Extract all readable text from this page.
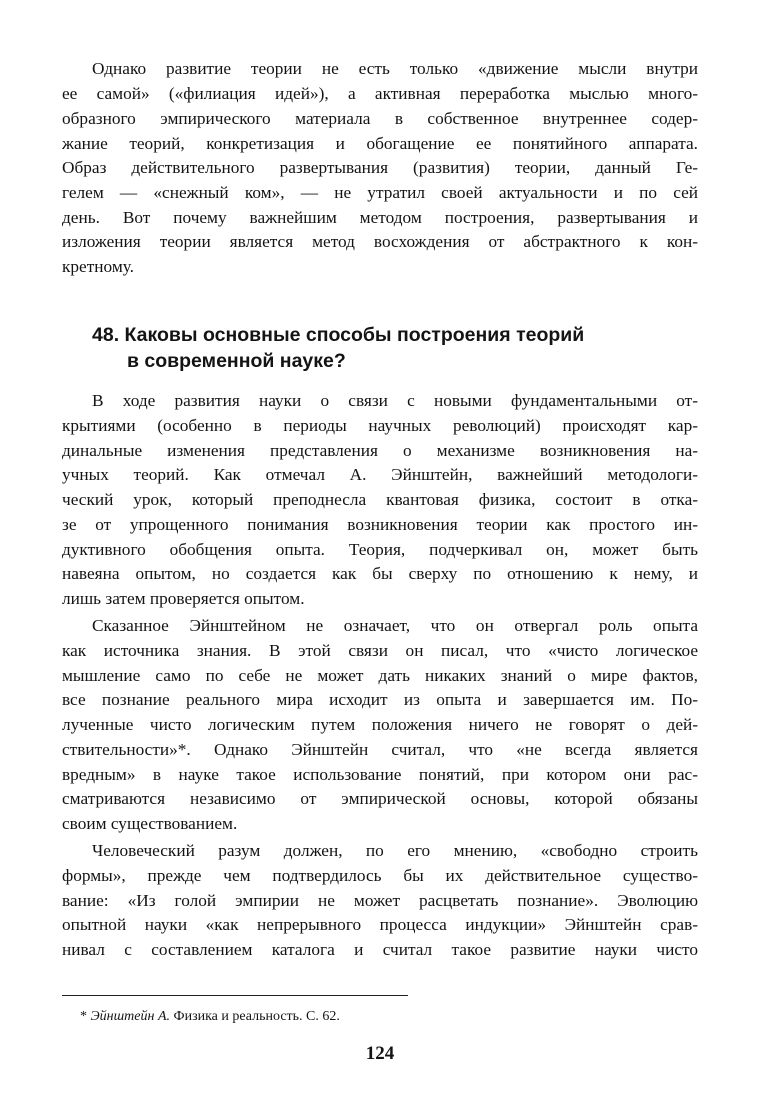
Однако развитие теории не есть только «движение мысли внутри
ее самой» («филиация идей»), а активная переработка мыслью много-
образного эмпирического материала в собственное внутреннее содер-
жание теорий, конкретизация и обогащение ее понятийного аппарата.
Образ действительного развертывания (развития) теории, данный Ге-
гелем — «снежный ком», — не утратил своей актуальности и по сей
день. Вот почему важнейшим методом построения, развертывания и
изложения теории является метод восхождения от абстрактного к кон-
кретному.
48. Каковы основные способы построения теорий
в современной науке?
В ходе развития науки о связи с новыми фундаментальными от-
крытиями (особенно в периоды научных революций) происходят кар-
динальные изменения представления о механизме возникновения на-
учных теорий. Как отмечал А. Эйнштейн, важнейший методологи-
ческий урок, который преподнесла квантовая физика, состоит в отка-
зе от упрощенного понимания возникновения теории как простого ин-
дуктивного обобщения опыта. Теория, подчеркивал он, может быть
навеяна опытом, но создается как бы сверху по отношению к нему, и
лишь затем проверяется опытом.
Сказанное Эйнштейном не означает, что он отвергал роль опыта
как источника знания. В этой связи он писал, что «чисто логическое
мышление само по себе не может дать никаких знаний о мире фактов,
все познание реального мира исходит из опыта и завершается им. По-
лученные чисто логическим путем положения ничего не говорят о дей-
ствительности»*. Однако Эйнштейн считал, что «не всегда является
вредным» в науке такое использование понятий, при котором они рас-
сматриваются независимо от эмпирической основы, которой обязаны
своим существованием.
Человеческий разум должен, по его мнению, «свободно строить
формы», прежде чем подтвердилось бы их действительное существо-
вание: «Из голой эмпирии не может расцветать познание». Эволюцию
опытной науки «как непрерывного процесса индукции» Эйнштейн срав-
нивал с составлением каталога и считал такое развитие науки чисто
* Эйнштейн А. Физика и реальность. С. 62.
124
